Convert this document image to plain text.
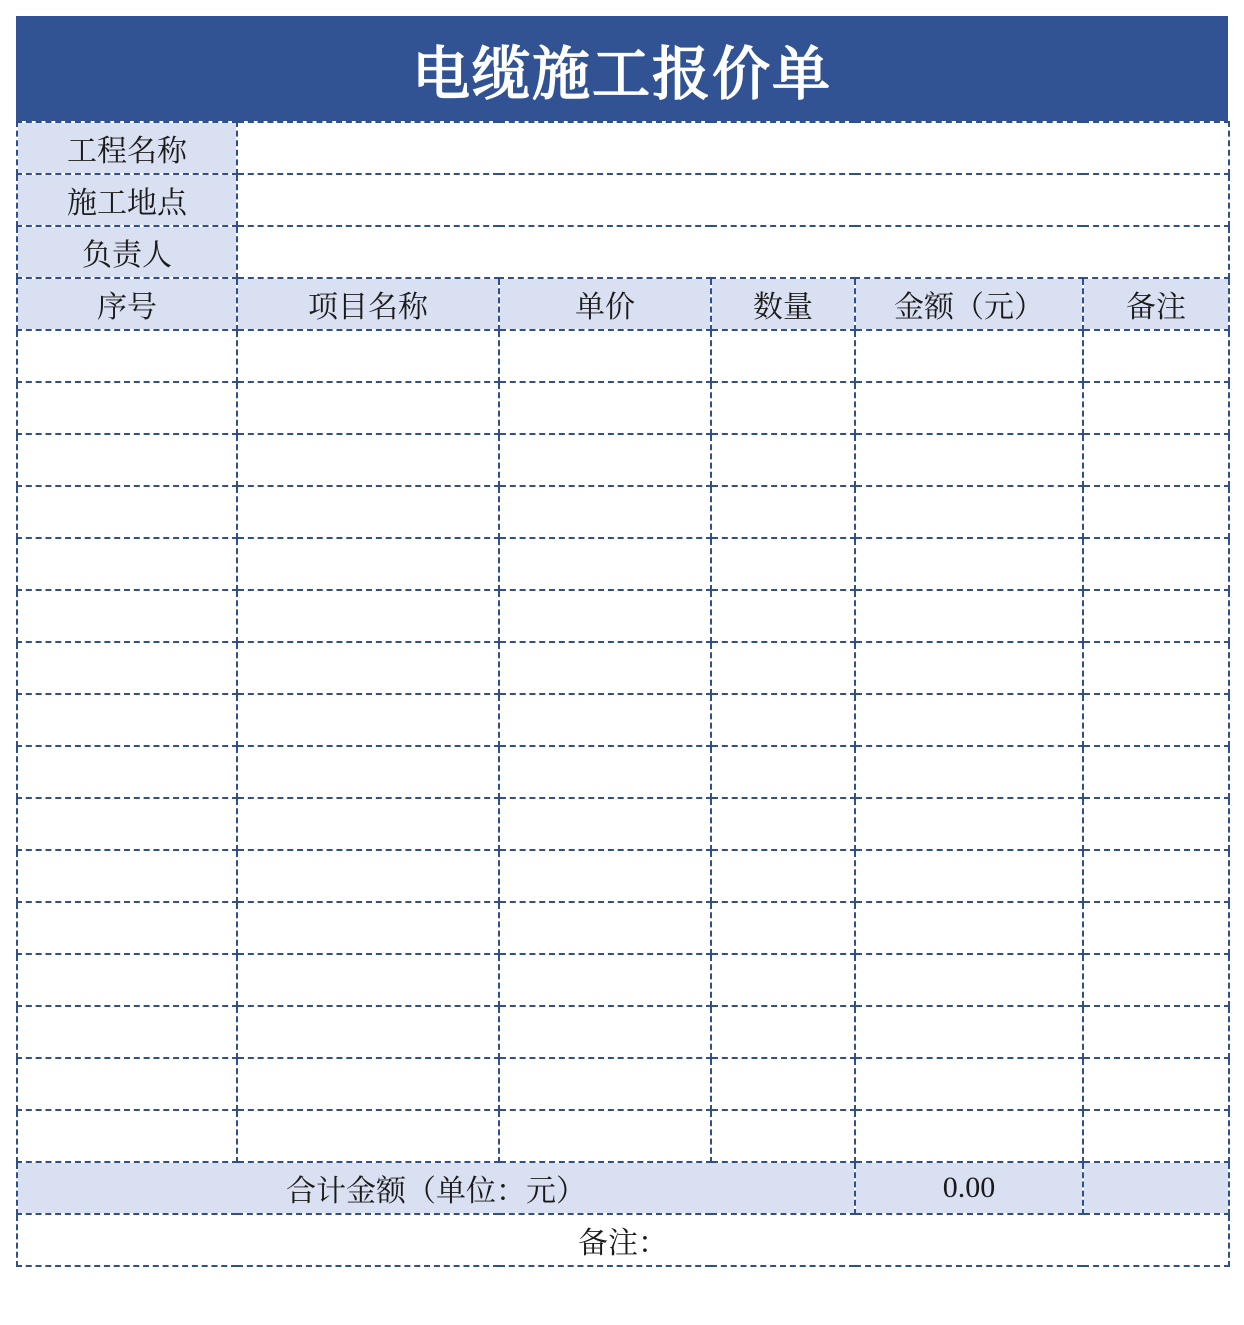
电缆施工报价单
工程名称					
施工地点					
负责人					
序号	项目名称	单价	数量	金额（元）	备注

合计金额（单位：元）				0.00	
备注：					
